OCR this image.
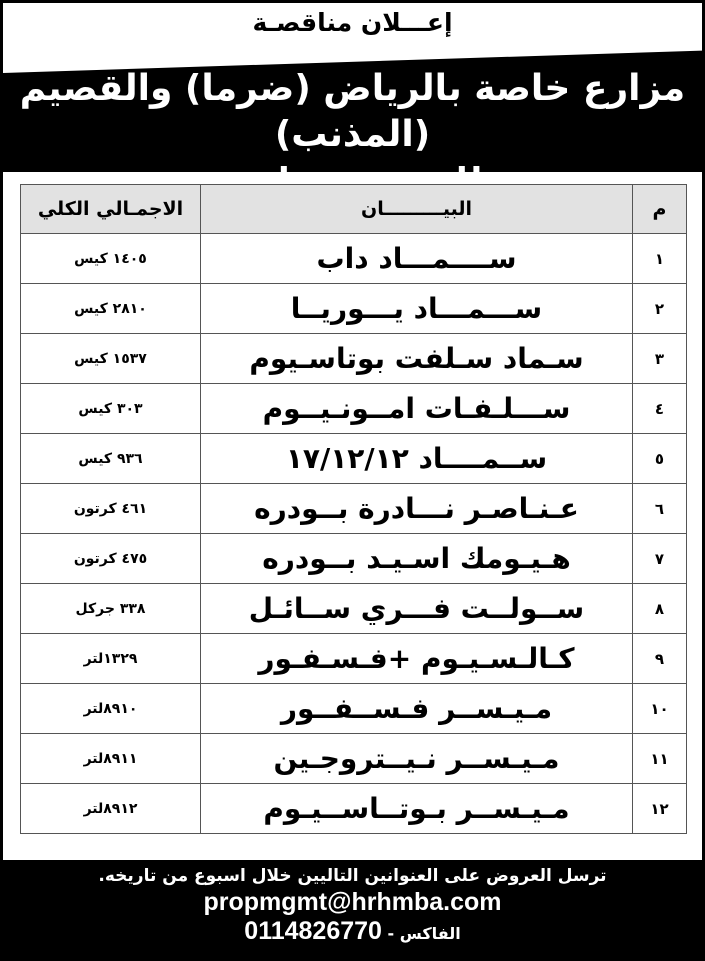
إعـــلان مناقصـة
مزارع خاصة بالرياض (ضرما) والقصيم (المذنب)
م	البيـــــــــان	الاجمـالي الكلي
١	ســــمـــاد داب	١٤٠٥ كيس
٢	ســـمـــاد يـــوريــا	٢٨١٠ كيس
٣	سـماد سـلفت بوتاسـيوم	١٥٣٧ كيس
٤	ســـلـفـات امــونـيــوم	٣٠٣ كيس
٥	ســمــــاد ١٧/١٢/١٢	٩٣٦ كيس
٦	عـنـاصـر نـــادرة بــودره	٤٦١ كرتون
٧	هـيـومك اسـيـد بــودره	٤٧٥ كرتون
٨	ســولــت فـــري ســائـل	٣٣٨ جركل
٩	كـالـسـيـوم +فـسـفـور	١٣٢٩لتر
١٠	مـيـســر فـســفــور	٨٩١٠لتر
١١	مـيـســر نـيــتروجـين	٨٩١١لتر
١٢	مـيـســر بـوتــاســيـوم	٨٩١٢لتر
ترسل العروض على العنوانين التاليين خلال اسبوع من تاريخه.
propmgmt@hrhmba.com
الفاكس - 0114826770
